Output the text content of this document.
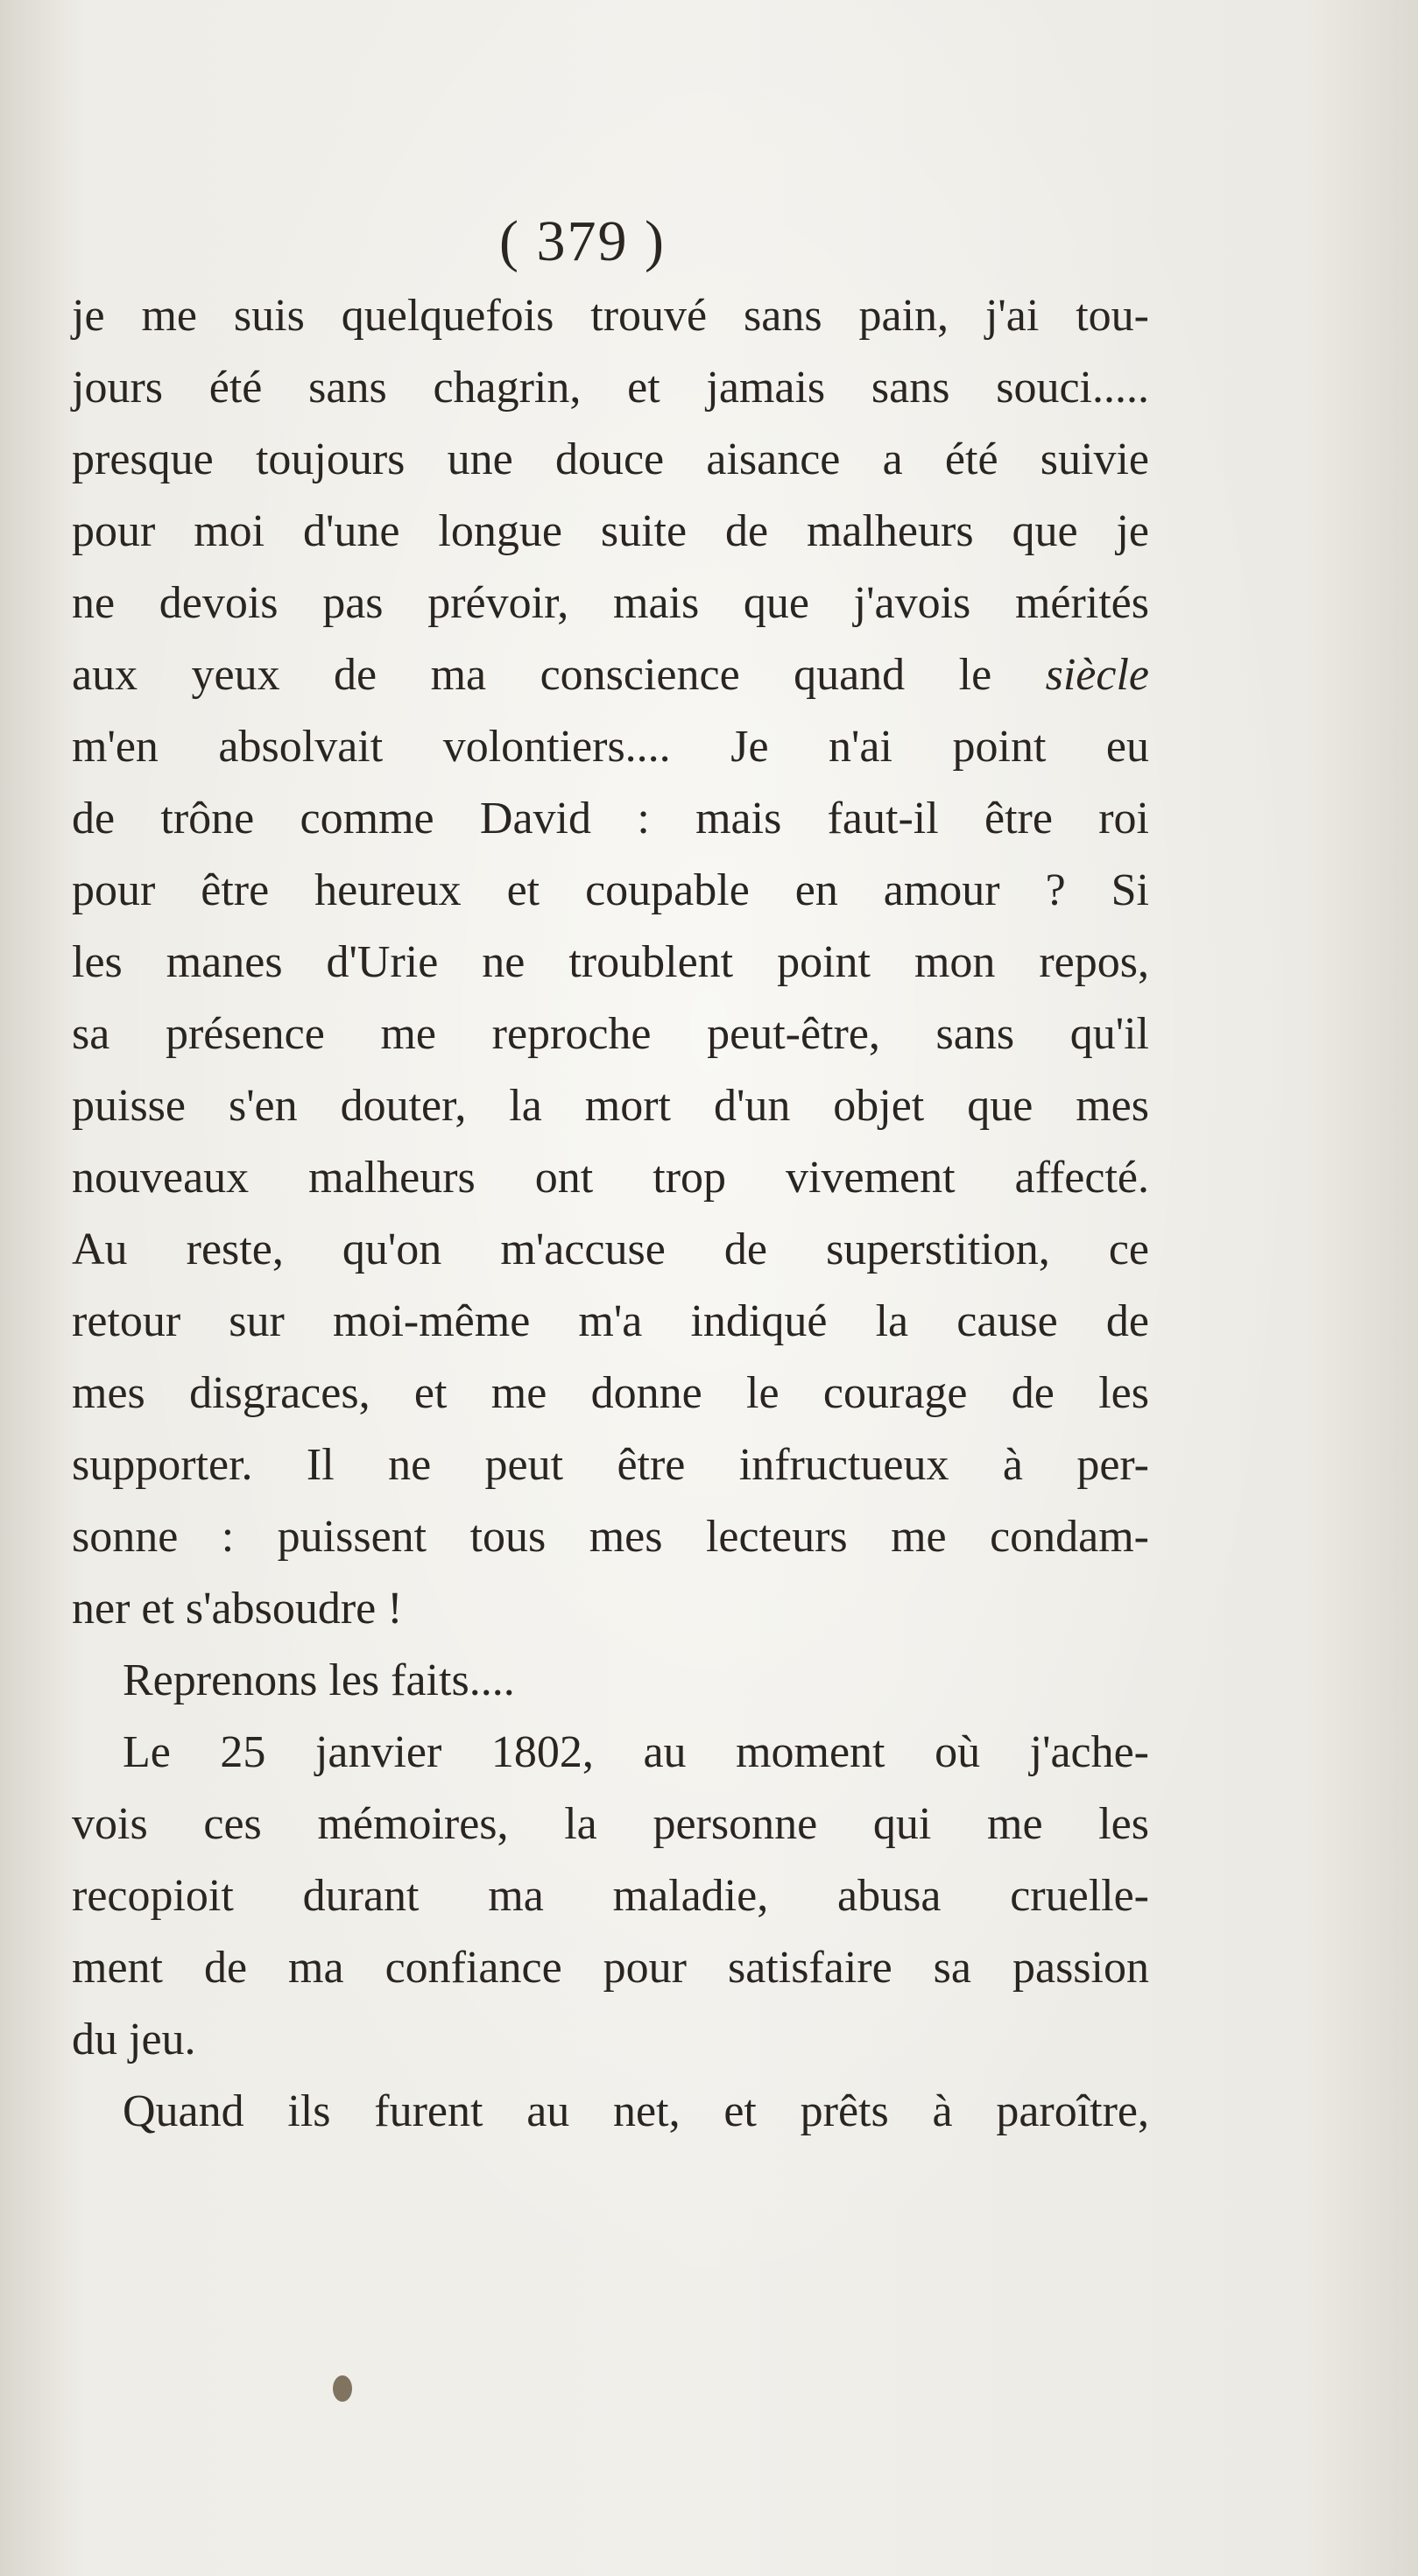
( 379 )
je me suis quelquefois trouvé sans pain, j'ai tou-
jours été sans chagrin, et jamais sans souci.....
presque toujours une douce aisance a été suivie
pour moi d'une longue suite de malheurs que je
ne devois pas prévoir, mais que j'avois mérités
aux yeux de ma conscience quand le siècle
m'en absolvait volontiers.... Je n'ai point eu
de trône comme David : mais faut-il être roi
pour être heureux et coupable en amour ? Si
les manes d'Urie ne troublent point mon repos,
sa présence me reproche peut-être, sans qu'il
puisse s'en douter, la mort d'un objet que mes
nouveaux malheurs ont trop vivement affecté.
Au reste, qu'on m'accuse de superstition, ce
retour sur moi-même m'a indiqué la cause de
mes disgraces, et me donne le courage de les
supporter. Il ne peut être infructueux à per-
sonne : puissent tous mes lecteurs me condam-
ner et s'absoudre !
Reprenons les faits....
Le 25 janvier 1802, au moment où j'ache-
vois ces mémoires, la personne qui me les
recopioit durant ma maladie, abusa cruelle-
ment de ma confiance pour satisfaire sa passion
du jeu.
Quand ils furent au net, et prêts à paroître,
